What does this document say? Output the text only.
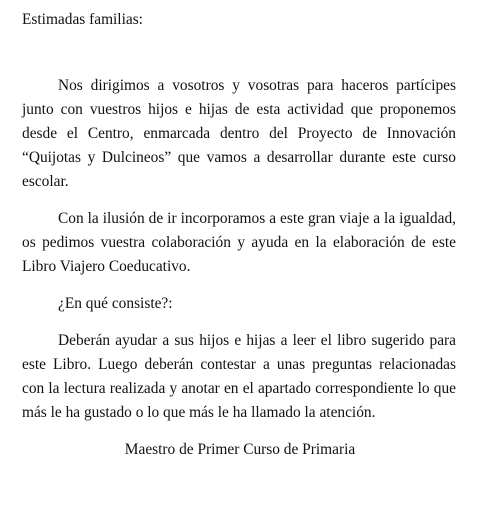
Estimadas familias:

Nos dirigimos a vosotros y vosotras para haceros partícipes junto con vuestros hijos e hijas de esta actividad que proponemos desde el Centro, enmarcada dentro del Proyecto de Innovación “Quijotas y Dulcineos” que vamos a desarrollar durante este curso escolar.

Con la ilusión de ir incorporamos a este gran viaje a la igualdad, os pedimos vuestra colaboración y ayuda en la elaboración de este Libro Viajero Coeducativo.

¿En qué consiste?:

Deberán ayudar a sus hijos e hijas a leer el libro sugerido para este Libro. Luego deberán contestar a unas preguntas relacionadas con la lectura realizada y anotar en el apartado correspondiente lo que más le ha gustado o lo que más le ha llamado la atención.

Maestro de Primer Curso de Primaria
